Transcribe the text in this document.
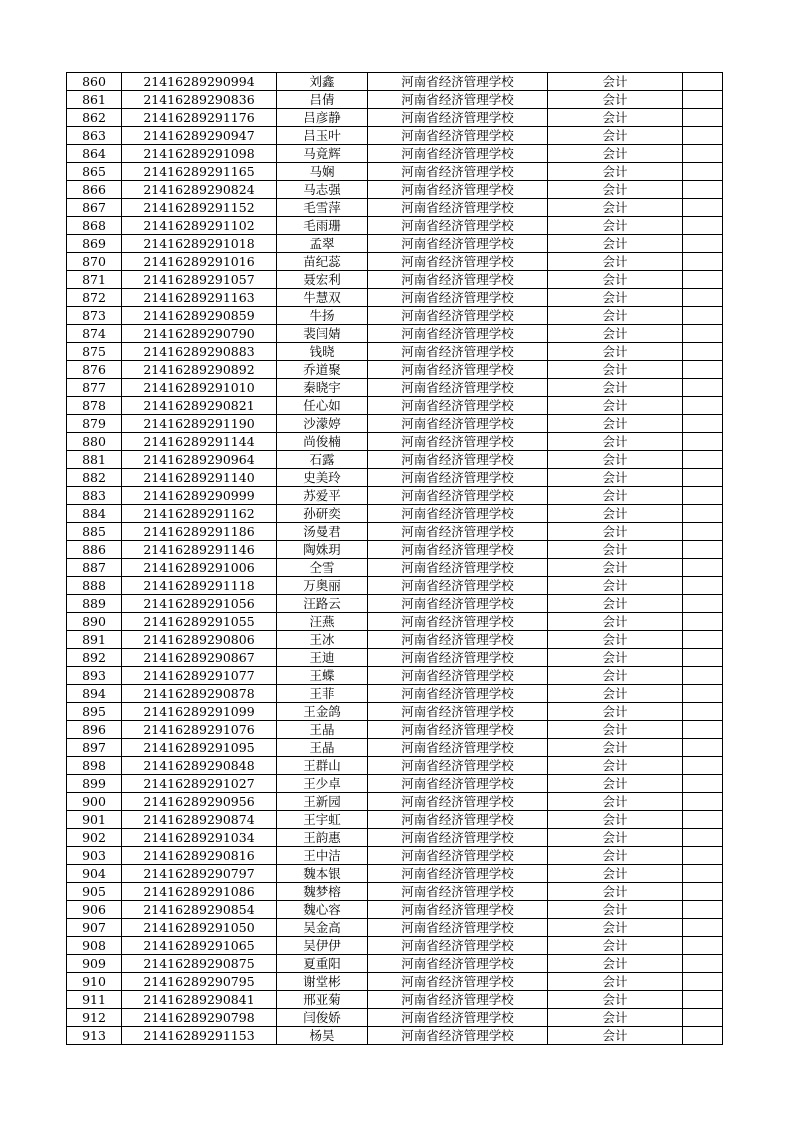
860	21416289290994	刘鑫	河南省经济管理学校	会计	
861	21416289290836	吕倩	河南省经济管理学校	会计	
862	21416289291176	吕彦静	河南省经济管理学校	会计	
863	21416289290947	吕玉叶	河南省经济管理学校	会计	
864	21416289291098	马竟辉	河南省经济管理学校	会计	
865	21416289291165	马娴	河南省经济管理学校	会计	
866	21416289290824	马志强	河南省经济管理学校	会计	
867	21416289291152	毛雪萍	河南省经济管理学校	会计	
868	21416289291102	毛雨珊	河南省经济管理学校	会计	
869	21416289291018	孟翠	河南省经济管理学校	会计	
870	21416289291016	苗纪蕊	河南省经济管理学校	会计	
871	21416289291057	聂宏利	河南省经济管理学校	会计	
872	21416289291163	牛慧双	河南省经济管理学校	会计	
873	21416289290859	牛扬	河南省经济管理学校	会计	
874	21416289290790	裴闫婧	河南省经济管理学校	会计	
875	21416289290883	钱晓	河南省经济管理学校	会计	
876	21416289290892	乔道聚	河南省经济管理学校	会计	
877	21416289291010	秦晓宇	河南省经济管理学校	会计	
878	21416289290821	任心如	河南省经济管理学校	会计	
879	21416289291190	沙濛婷	河南省经济管理学校	会计	
880	21416289291144	尚俊楠	河南省经济管理学校	会计	
881	21416289290964	石露	河南省经济管理学校	会计	
882	21416289291140	史美玲	河南省经济管理学校	会计	
883	21416289290999	苏爱平	河南省经济管理学校	会计	
884	21416289291162	孙研奕	河南省经济管理学校	会计	
885	21416289291186	汤曼君	河南省经济管理学校	会计	
886	21416289291146	陶姝玥	河南省经济管理学校	会计	
887	21416289291006	仝雪	河南省经济管理学校	会计	
888	21416289291118	万奥丽	河南省经济管理学校	会计	
889	21416289291056	汪路云	河南省经济管理学校	会计	
890	21416289291055	汪燕	河南省经济管理学校	会计	
891	21416289290806	王冰	河南省经济管理学校	会计	
892	21416289290867	王迪	河南省经济管理学校	会计	
893	21416289291077	王蝶	河南省经济管理学校	会计	
894	21416289290878	王菲	河南省经济管理学校	会计	
895	21416289291099	王金鸽	河南省经济管理学校	会计	
896	21416289291076	王晶	河南省经济管理学校	会计	
897	21416289291095	王晶	河南省经济管理学校	会计	
898	21416289290848	王群山	河南省经济管理学校	会计	
899	21416289291027	王少卓	河南省经济管理学校	会计	
900	21416289290956	王新园	河南省经济管理学校	会计	
901	21416289290874	王宇虹	河南省经济管理学校	会计	
902	21416289291034	王韵惠	河南省经济管理学校	会计	
903	21416289290816	王中洁	河南省经济管理学校	会计	
904	21416289290797	魏本银	河南省经济管理学校	会计	
905	21416289291086	魏梦榕	河南省经济管理学校	会计	
906	21416289290854	魏心容	河南省经济管理学校	会计	
907	21416289291050	吴金高	河南省经济管理学校	会计	
908	21416289291065	吴伊伊	河南省经济管理学校	会计	
909	21416289290875	夏重阳	河南省经济管理学校	会计	
910	21416289290795	谢堂彬	河南省经济管理学校	会计	
911	21416289290841	邢亚菊	河南省经济管理学校	会计	
912	21416289290798	闫俊娇	河南省经济管理学校	会计	
913	21416289291153	杨昊	河南省经济管理学校	会计	
